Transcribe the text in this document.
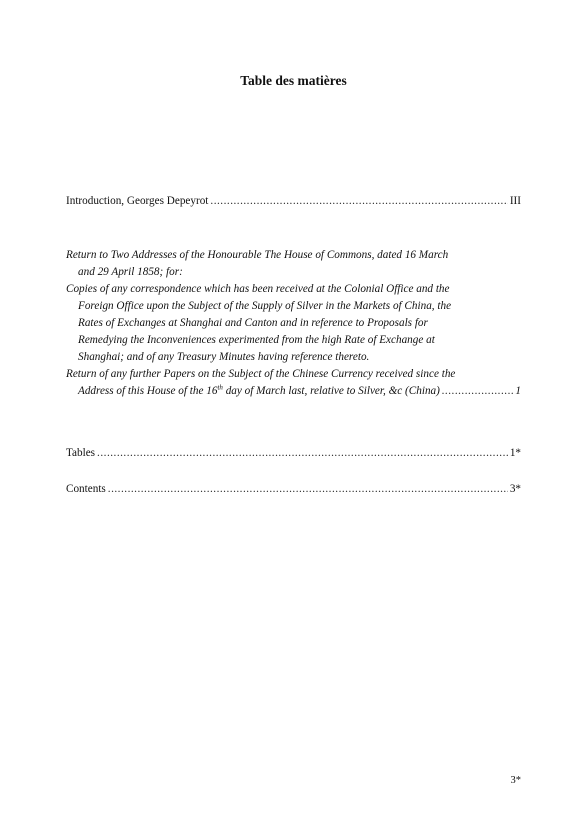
Table des matières
Introduction, Georges Depeyrot .....	III
Return to Two Addresses of the Honourable The House of Commons, dated 16 March
and 29 April 1858; for:
Copies of any correspondence which has been received at the Colonial Office and the
Foreign Office upon the Subject of the Supply of Silver in the Markets of China, the
Rates of Exchanges at Shanghai and Canton and in reference to Proposals for
Remedying the Inconveniences experimented from the high Rate of Exchange at
Shanghai; and of any Treasury Minutes having reference thereto.
Return of any further Papers on the Subject of the Chinese Currency received since the
Address of this House of the 16th day of March last, relative to Silver, &c (China) .....	1
Tables .....	1*
Contents .....	3*
3*
